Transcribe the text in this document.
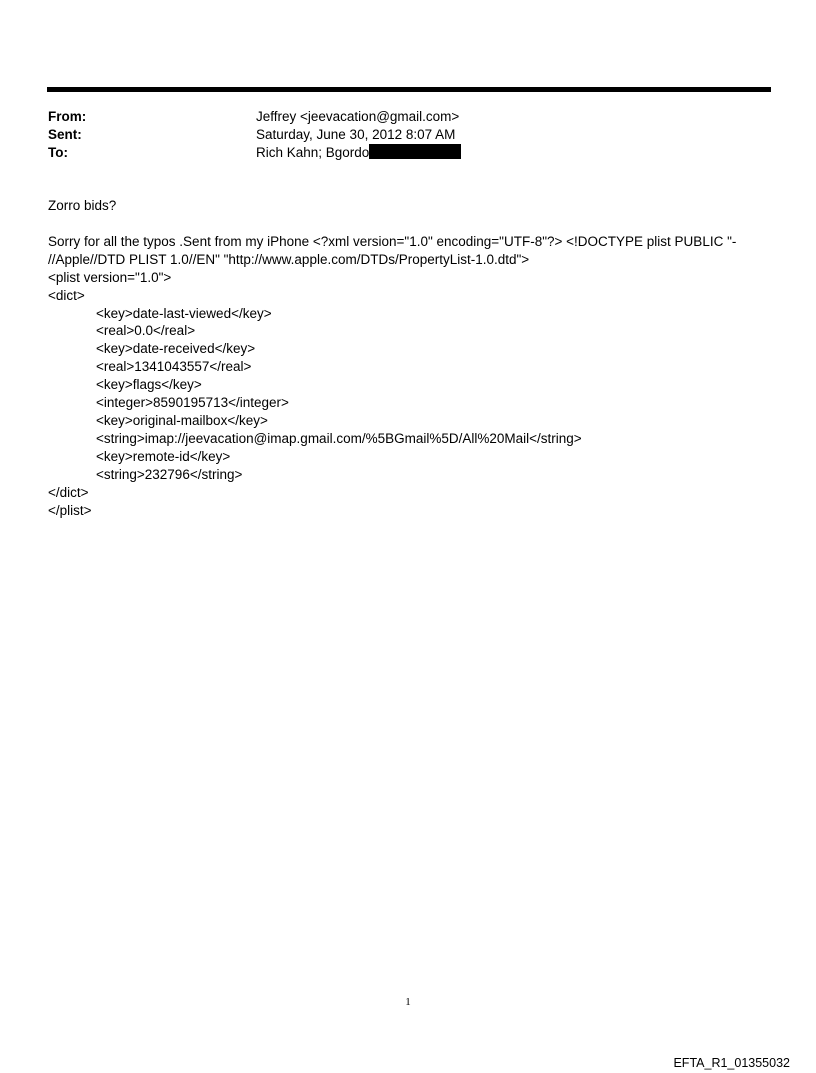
From:	Jeffrey <jeevacation@gmail.com>
Sent:	Saturday, June 30, 2012 8:07 AM
To:	Rich Kahn; Bgordo

Zorro bids?

Sorry for all the typos .Sent from my iPhone <?xml version="1.0" encoding="UTF-8"?> <!DOCTYPE plist PUBLIC "-

//Apple//DTD PLIST 1.0//EN" "http://www.apple.com/DTDs/PropertyList-1.0.dtd">

<plist version="1.0">

<dict>

<key>date-last-viewed</key>

<real>0.0</real>

<key>date-received</key>

<real>1341043557</real>

<key>flags</key>

<integer>8590195713</integer>

<key>original-mailbox</key>

<string>imap://jeevacation@imap.gmail.com/%5BGmail%5D/All%20Mail</string>

<key>remote-id</key>

<string>232796</string>

</dict>

</plist>

1
EFTA_R1_01355032
